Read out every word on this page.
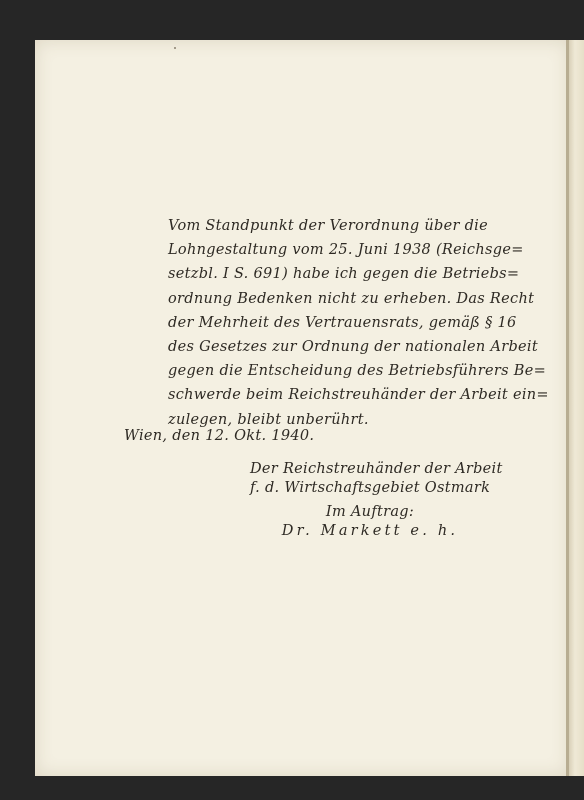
Vom Standpunkt der Verordnung über die
Lohngestaltung vom 25. Juni 1938 (Reichsge=
setzbl. I S. 691) habe ich gegen die Betriebs=
ordnung Bedenken nicht zu erheben. Das Recht
der Mehrheit des Vertrauensrats, gemäß § 16
des Gesetzes zur Ordnung der nationalen Arbeit
gegen die Entscheidung des Betriebsführers Be=
schwerde beim Reichstreuhänder der Arbeit ein=
zulegen, bleibt unberührt.

Wien, den 12. Okt. 1940.

Der Reichstreuhänder der Arbeit
f. d. Wirtschaftsgebiet Ostmark
Im Auftrag:
Dr. Markett e. h.
